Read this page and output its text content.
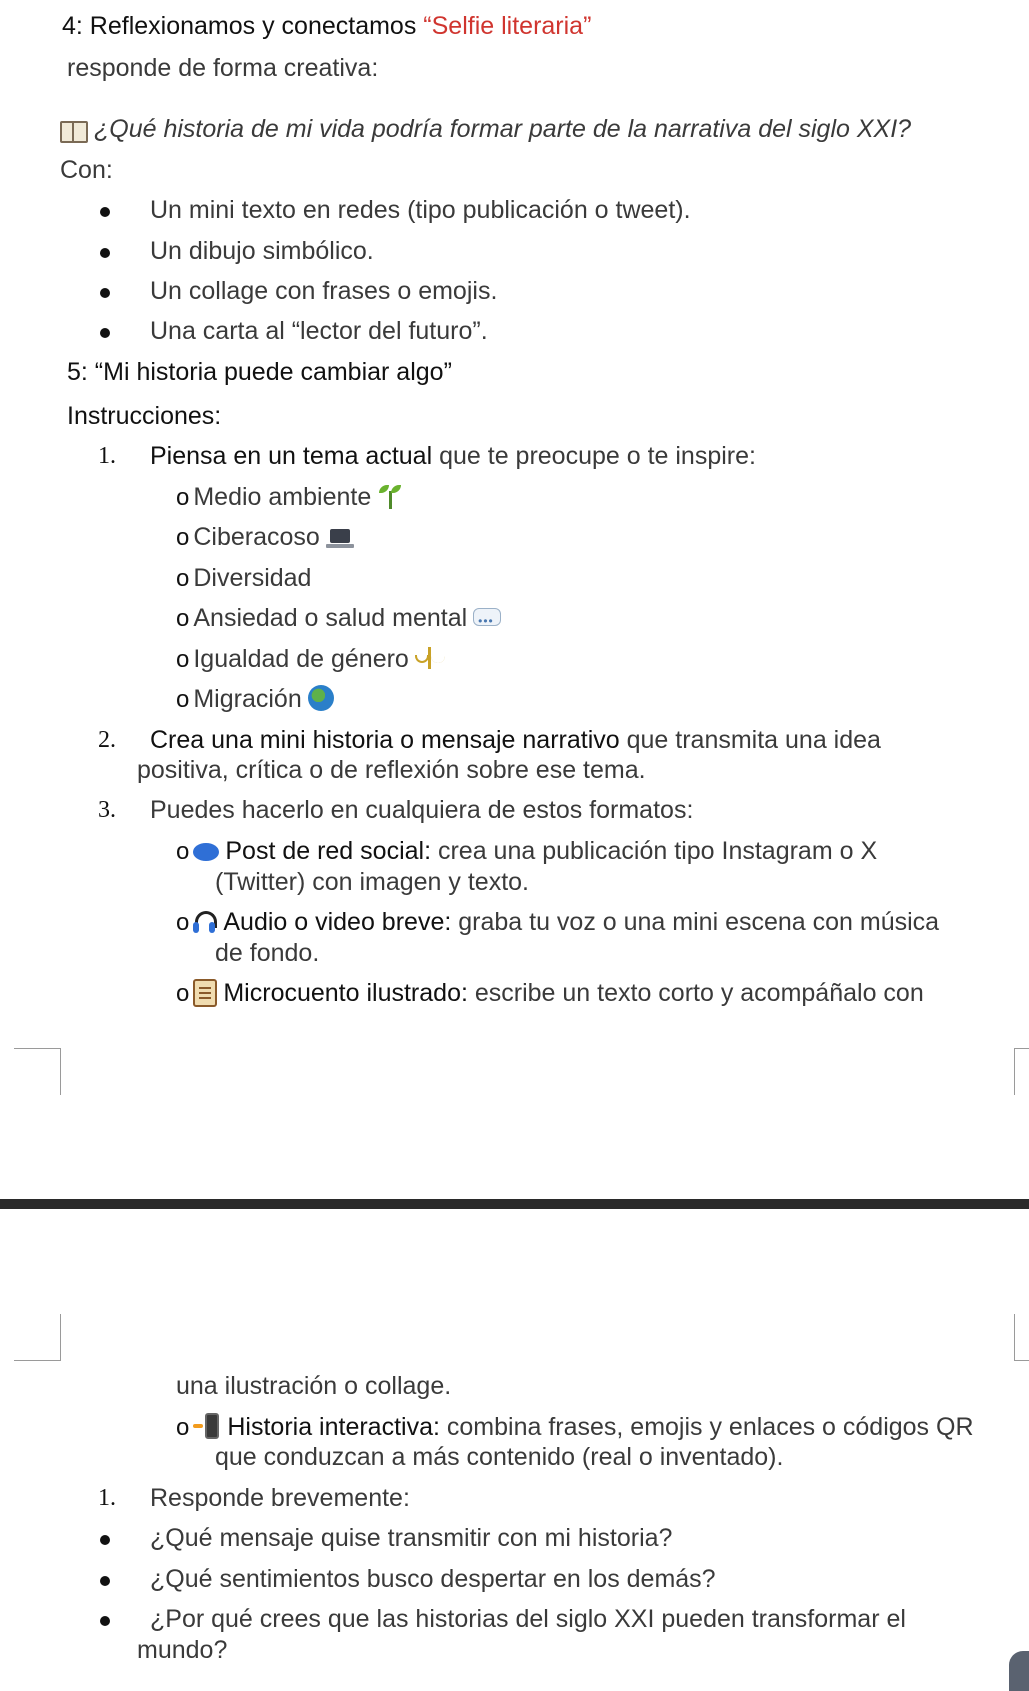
4: Reflexionamos y conectamos “Selfie literaria”
responde de forma creativa:
¿Qué historia de mi vida podría formar parte de la narrativa del siglo XXI?
Con:
Un mini texto en redes (tipo publicación o tweet).
Un dibujo simbólico.
Un collage con frases o emojis.
Una carta al “lector del futuro”.
5: “Mi historia puede cambiar algo”
Instrucciones:
1. Piensa en un tema actual que te preocupe o te inspire:
o Medio ambiente
o Ciberacoso
o Diversidad
o Ansiedad o salud mental•••
o Igualdad de género
o Migración
2. Crea una mini historia o mensaje narrativo que transmita una idea
positiva, crítica o de reflexión sobre ese tema.
3. Puedes hacerlo en cualquiera de estos formatos:
o Post de red social: crea una publicación tipo Instagram o X
(Twitter) con imagen y texto.
o Audio o video breve: graba tu voz o una mini escena con música
de fondo.
o Microcuento ilustrado: escribe un texto corto y acompáñalo con
una ilustración o collage.
o Historia interactiva: combina frases, emojis y enlaces o códigos QR
que conduzcan a más contenido (real o inventado).
1. Responde brevemente:
¿Qué mensaje quise transmitir con mi historia?
¿Qué sentimientos busco despertar en los demás?
¿Por qué crees que las historias del siglo XXI pueden transformar el
mundo?
